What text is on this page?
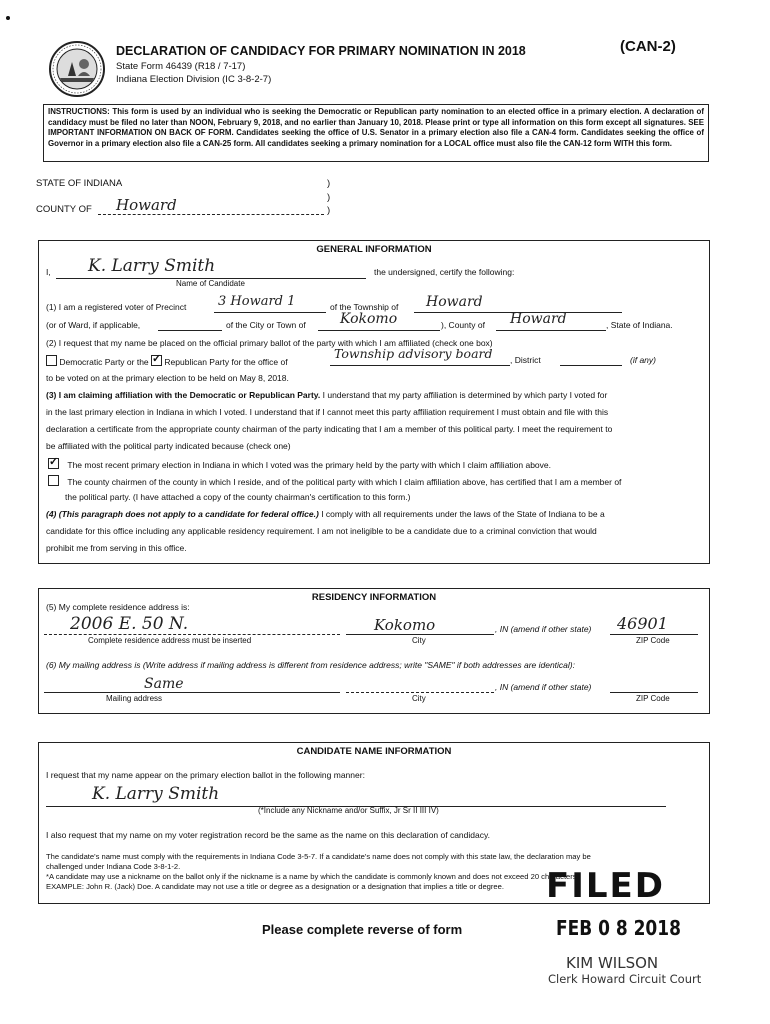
DECLARATION OF CANDIDACY FOR PRIMARY NOMINATION IN 2018	(CAN-2)
State Form 46439 (R18 / 7-17)
Indiana Election Division (IC 3-8-2-7)
INSTRUCTIONS: This form is used by an individual who is seeking the Democratic or Republican party nomination to an elected office in a primary election. A declaration of candidacy must be filed no later than NOON, February 9, 2018, and no earlier than January 10, 2018. Please print or type all information on this form except all signatures. SEE IMPORTANT INFORMATION ON BACK OF FORM. Candidates seeking the office of U.S. Senator in a primary election also file a CAN-4 form. Candidates seeking the office of Governor in a primary election also file a CAN-25 form. All candidates seeking a primary nomination for a LOCAL office must also file the CAN-12 form WITH this form.
STATE OF INDIANA	)
)
)
COUNTY OF Howard
GENERAL INFORMATION
I, K. Larry Smith	the undersigned, certify the following:
Name of Candidate
(1) I am a registered voter of Precinct 3 Howard 1	of the Township of Howard
(or of Ward, if applicable,	of the City or Town of Kokomo	), County of Howard	, State of Indiana.
(2) I request that my name be placed on the official primary ballot of the party with which I am affiliated (check one box)
Democratic Party or the ✓ Republican Party for the office of
Township advisory board , District	(if any)
to be voted on at the primary election to be held on May 8, 2018.
(3) I am claiming affiliation with the Democratic or Republican Party. I understand that my party affiliation is determined by which party I voted for
in the last primary election in Indiana in which I voted. I understand that if I cannot meet this party affiliation requirement I must obtain and file with this
declaration a certificate from the appropriate county chairman of the party indicating that I am a member of this political party. I meet the requirement to
be affiliated with the political party indicated because (check one)
✓ The most recent primary election in Indiana in which I voted was the primary held by the party with which I claim affiliation above.
The county chairmen of the county in which I reside, and of the political party with which I claim affiliation above, has certified that I am a member of
the political party. (I have attached a copy of the county chairman's certification to this form.)
(4) (This paragraph does not apply to a candidate for federal office.) I comply with all requirements under the laws of the State of Indiana to be a
candidate for this office including any applicable residency requirement. I am not ineligible to be a candidate due to a criminal conviction that would
prohibit me from serving in this office.
RESIDENCY INFORMATION
(5) My complete residence address is:
2006 E. 50 N.	Kokomo	, IN (amend if other state) 46901
Complete residence address must be inserted	City	ZIP Code
(6) My mailing address is (Write address if mailing address is different from residence address; write "SAME" if both addresses are identical):
Same	, IN (amend if other state)
Mailing address	City	ZIP Code
CANDIDATE NAME INFORMATION
I request that my name appear on the primary election ballot in the following manner:
K. Larry Smith
(*Include any Nickname and/or Suffix, Jr Sr II III IV)
I also request that my name on my voter registration record be the same as the name on this declaration of candidacy.
The candidate's name must comply with the requirements in Indiana Code 3-5-7. If a candidate's name does not comply with this state law, the declaration may be
challenged under Indiana Code 3-8-1-2.
*A candidate may use a nickname on the ballot only if the nickname is a name by which the candidate is commonly known and does not exceed 20 characters.
EXAMPLE: John R. (Jack) Doe. A candidate may not use a title or degree as a designation or a designation that implies a title or degree.
Please complete reverse of form
FILED
FEB 0 8 2018
KIM WILSON
Clerk Howard Circuit Court
